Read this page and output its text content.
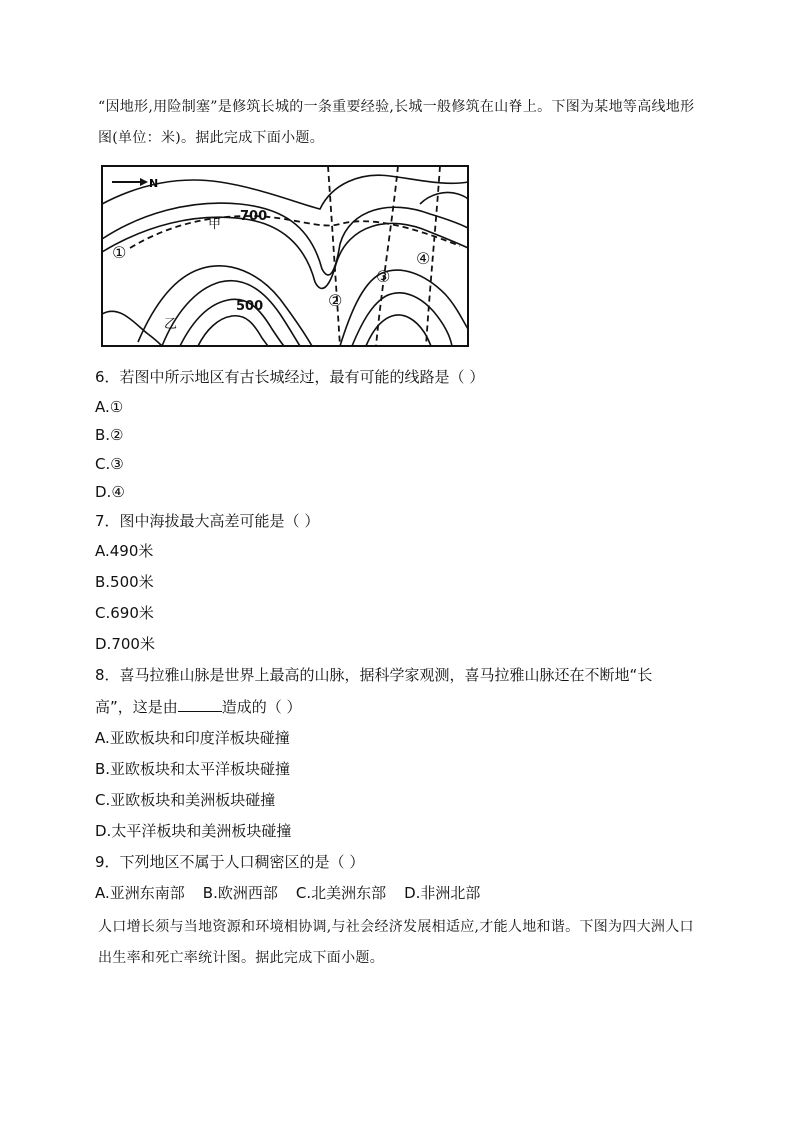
“因地形,用险制塞”是修筑长城的一条重要经验,长城一般修筑在山脊上。下图为某地等高线地形图(单位：米)。据此完成下面小题。
N
甲
乙
700
500
①
②
③
④
6．若图中所示地区有古长城经过，最有可能的线路是（ ）
A.①
B.②
C.③
D.④
7．图中海拔最大高差可能是（ ）
A.490米
B.500米
C.690米
D.700米
8．喜马拉雅山脉是世界上最高的山脉，据科学家观测，喜马拉雅山脉还在不断地“长
高”，这是由	造成的（ ）
A.亚欧板块和印度洋板块碰撞
B.亚欧板块和太平洋板块碰撞
C.亚欧板块和美洲板块碰撞
D.太平洋板块和美洲板块碰撞
9．下列地区不属于人口稠密区的是（ ）
A.亚洲东南部 B.欧洲西部 C.北美洲东部 D.非洲北部
人口增长须与当地资源和环境相协调,与社会经济发展相适应,才能人地和谐。下图为四大洲人口出生率和死亡率统计图。据此完成下面小题。
